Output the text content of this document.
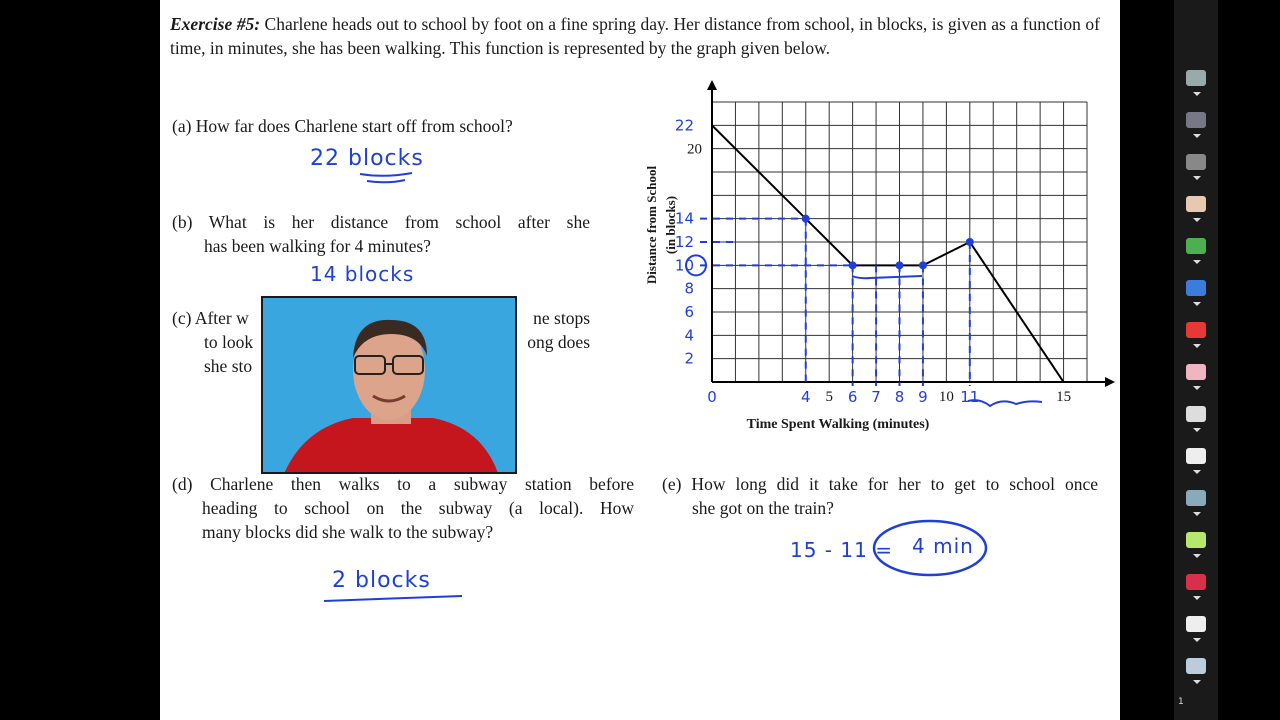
Exercise #5: Charlene heads out to school by foot on a fine spring day. Her distance from school, in blocks, is given as a function of time, in minutes, she has been walking. This function is represented by the graph given below.
(a) How far does Charlene start off from school?
(b) What is her distance from school after she
has been walking for 4 minutes?
(c) After w	ne stops
to look	ong does
she sto
(d) Charlene then walks to a subway station before
heading to school on the subway (a local). How
many blocks did she walk to the subway?
(e) How long did it take for her to get to school once
she got on the train?
22 blocks
14 blocks
2 blocks
15 - 11 = 4 min
5	10	15
20
22
14
12
10
8
6
4
2
0	4 6 7 8 9 11
Time Spent Walking (minutes)
Distance from School (in blocks)
1
